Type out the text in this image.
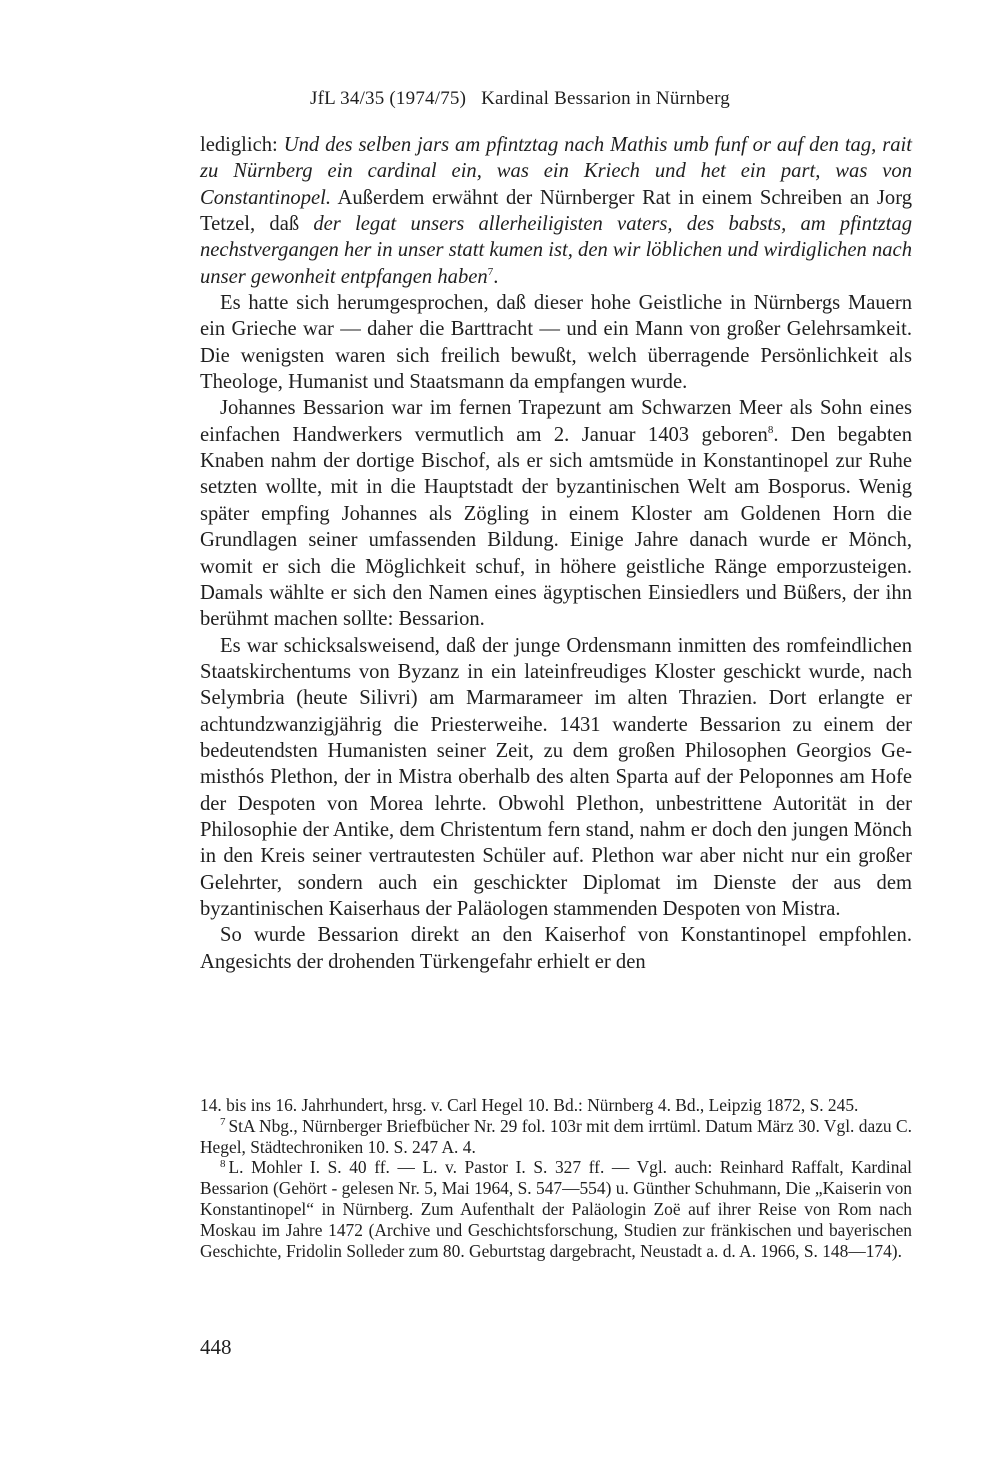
JfL 34/35 (1974/75) Kardinal Bessarion in Nürnberg

lediglich: Und des selben jars am pfintztag nach Mathis umb funf or auf den tag, rait zu Nürnberg ein cardinal ein, was ein Kriech und het ein part, was von Constantinopel. Außerdem erwähnt der Nürnberger Rat in einem Schreiben an Jorg Tetzel, daß der legat unsers allerheiligisten vaters, des babsts, am pfintztag nechstvergangen her in unser statt kumen ist, den wir löblichen und wirdiglichen nach unser gewonheit entpfangen haben$^7$.

Es hatte sich herumgesprochen, daß dieser hohe Geistliche in Nürnbergs Mauern ein Grieche war — daher die Barttracht — und ein Mann von großer Gelehrsamkeit. Die wenigsten waren sich freilich bewußt, welch überragende Persönlichkeit als Theologe, Humanist und Staatsmann da empfangen wurde.

Johannes Bessarion war im fernen Trapezunt am Schwarzen Meer als Sohn eines einfachen Handwerkers vermutlich am 2. Januar 1403 geboren$^8$. Den begabten Knaben nahm der dortige Bischof, als er sich amtsmüde in Konstantinopel zur Ruhe setzten wollte, mit in die Hauptstadt der byzantinischen Welt am Bosporus. Wenig später empfing Johannes als Zögling in einem Kloster am Goldenen Horn die Grundlagen seiner umfassenden Bildung. Einige Jahre danach wurde er Mönch, womit er sich die Möglichkeit schuf, in höhere geistliche Ränge emporzusteigen. Damals wählte er sich den Namen eines ägyptischen Einsiedlers und Büßers, der ihn berühmt machen sollte: Bessarion.

Es war schicksalsweisend, daß der junge Ordensmann inmitten des romfeindlichen Staatskirchentums von Byzanz in ein lateinfreudiges Kloster geschickt wurde, nach Selymbria (heute Silivri) am Marmarameer im alten Thrazien. Dort erlangte er achtundzwanzigjährig die Priesterweihe. 1431 wanderte Bessarion zu einem der bedeutendsten Humanisten seiner Zeit, zu dem großen Philosophen Georgios Gemisthós Plethon, der in Mistra oberhalb des alten Sparta auf der Peloponnes am Hofe der Despoten von Morea lehrte. Obwohl Plethon, unbestrittene Autorität in der Philosophie der Antike, dem Christentum fern stand, nahm er doch den jungen Mönch in den Kreis seiner vertrautesten Schüler auf. Plethon war aber nicht nur ein großer Gelehrter, sondern auch ein geschickter Diplomat im Dienste der aus dem byzantinischen Kaiserhaus der Paläologen stammenden Despoten von Mistra.

So wurde Bessarion direkt an den Kaiserhof von Konstantinopel empfohlen. Angesichts der drohenden Türkengefahr erhielt er den

14. bis ins 16. Jahrhundert, hrsg. v. Carl Hegel 10. Bd.: Nürnberg 4. Bd., Leipzig 1872, S. 245.

$^7$ StA Nbg., Nürnberger Briefbücher Nr. 29 fol. 103r mit dem irrtüml. Datum März 30. Vgl. dazu C. Hegel, Städtechroniken 10. S. 247 A. 4.

$^8$ L. Mohler I. S. 40 ff. — L. v. Pastor I. S. 327 ff. — Vgl. auch: Reinhard Raffalt, Kardinal Bessarion (Gehört - gelesen Nr. 5, Mai 1964, S. 547—554) u. Günther Schuhmann, Die „Kaiserin von Konstantinopel“ in Nürnberg. Zum Aufenthalt der Paläologin Zoë auf ihrer Reise von Rom nach Moskau im Jahre 1472 (Archive und Geschichtsforschung, Studien zur fränkischen und bayerischen Geschichte, Fridolin Solleder zum 80. Geburtstag dargebracht, Neustadt a. d. A. 1966, S. 148—174).

448
